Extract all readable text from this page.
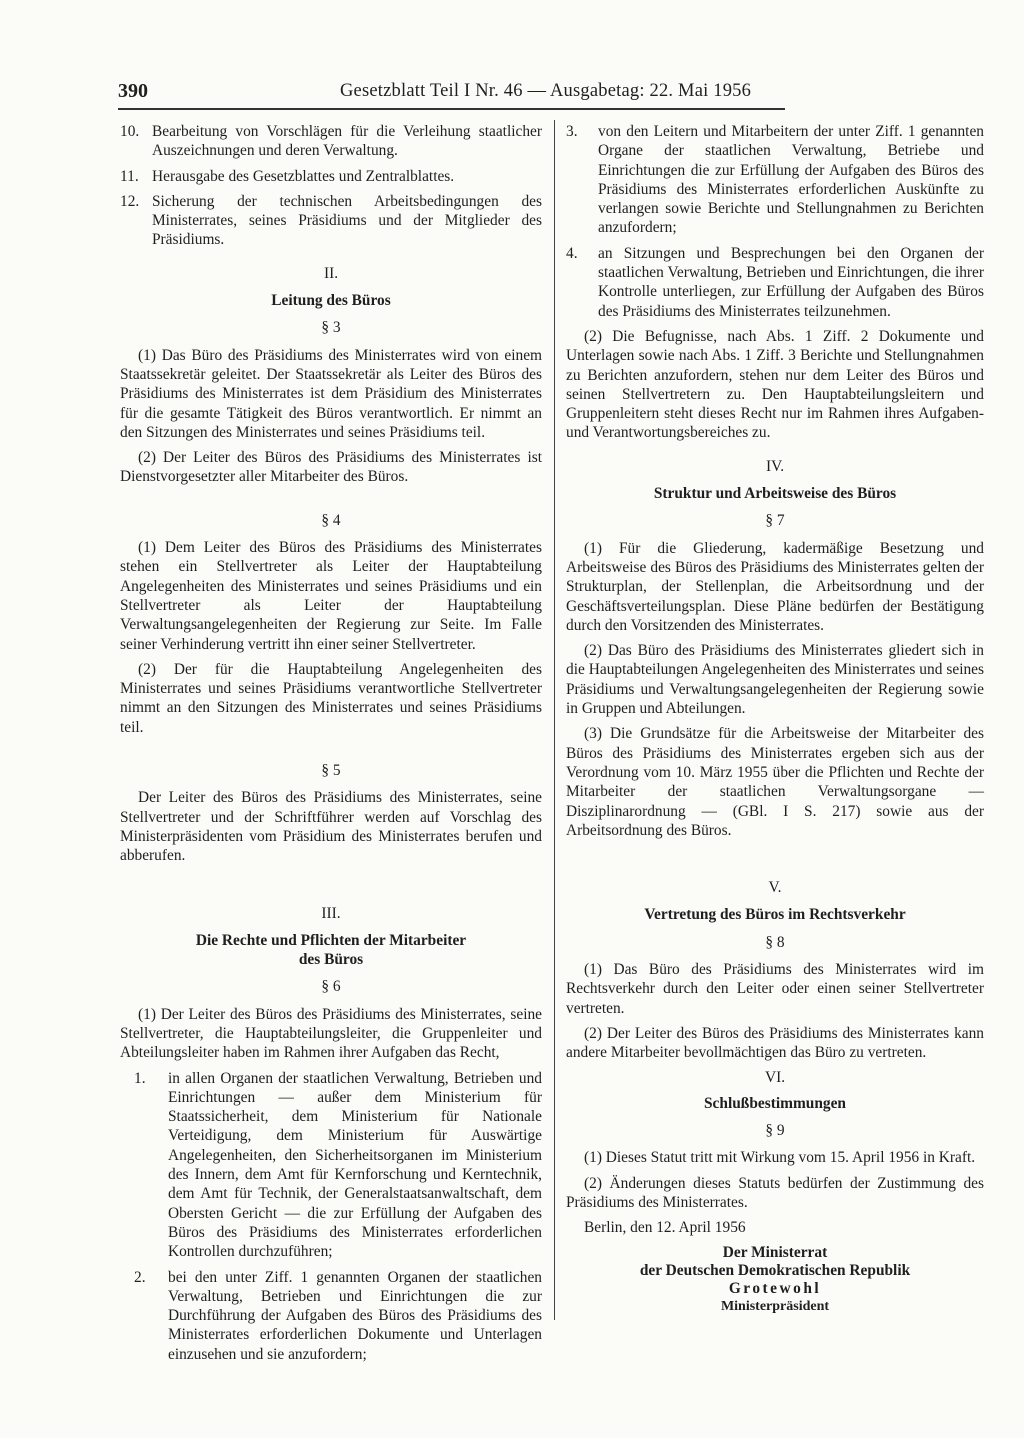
390	Gesetzblatt Teil I Nr. 46 — Ausgabetag: 22. Mai 1956
10. Bearbeitung von Vorschlägen für die Verleihung staatlicher Auszeichnungen und deren Verwaltung.
11. Herausgabe des Gesetzblattes und Zentralblattes.
12. Sicherung der technischen Arbeitsbedingungen des Ministerrates, seines Präsidiums und der Mitglieder des Präsidiums.

II.

Leitung des Büros

§ 3

(1) Das Büro des Präsidiums des Ministerrates wird von einem Staatssekretär geleitet. Der Staatssekretär als Leiter des Büros des Präsidiums des Ministerrates ist dem Präsidium des Ministerrates für die gesamte Tätigkeit des Büros verantwortlich. Er nimmt an den Sitzungen des Ministerrates und seines Präsidiums teil.

(2) Der Leiter des Büros des Präsidiums des Ministerrates ist Dienstvorgesetzter aller Mitarbeiter des Büros.

§ 4

(1) Dem Leiter des Büros des Präsidiums des Ministerrates stehen ein Stellvertreter als Leiter der Hauptabteilung Angelegenheiten des Ministerrates und seines Präsidiums und ein Stellvertreter als Leiter der Hauptabteilung Verwaltungsangelegenheiten der Regierung zur Seite. Im Falle seiner Verhinderung vertritt ihn einer seiner Stellvertreter.

(2) Der für die Hauptabteilung Angelegenheiten des Ministerrates und seines Präsidiums verantwortliche Stellvertreter nimmt an den Sitzungen des Ministerrates und seines Präsidiums teil.

§ 5

Der Leiter des Büros des Präsidiums des Ministerrates, seine Stellvertreter und der Schriftführer werden auf Vorschlag des Ministerpräsidenten vom Präsidium des Ministerrates berufen und abberufen.

III.

Die Rechte und Pflichten der Mitarbeiter

des Büros

§ 6

(1) Der Leiter des Büros des Präsidiums des Ministerrates, seine Stellvertreter, die Hauptabteilungsleiter, die Gruppenleiter und Abteilungsleiter haben im Rahmen ihrer Aufgaben das Recht,

1.	in allen Organen der staatlichen Verwaltung, Betrieben und Einrichtungen — außer dem Ministerium für Staatssicherheit, dem Ministerium für Nationale Verteidigung, dem Ministerium für Auswärtige Angelegenheiten, den Sicherheitsorganen im Ministerium des Innern, dem Amt für Kernforschung und Kerntechnik, dem Amt für Technik, der Generalstaatsanwaltschaft, dem Obersten Gericht — die zur Erfüllung der Aufgaben des Büros des Präsidiums des Ministerrates erforderlichen Kontrollen durchzuführen;
2.	bei den unter Ziff. 1 genannten Organen der staatlichen Verwaltung, Betrieben und Einrichtungen die zur Durchführung der Aufgaben des Büros des Präsidiums des Ministerrates erforderlichen Dokumente und Unterlagen einzusehen und sie anzufordern;
3.	von den Leitern und Mitarbeitern der unter Ziff. 1 genannten Organe der staatlichen Verwaltung, Betriebe und Einrichtungen die zur Erfüllung der Aufgaben des Büros des Präsidiums des Ministerrates erforderlichen Auskünfte zu verlangen sowie Berichte und Stellungnahmen zu Berichten anzufordern;
4.	an Sitzungen und Besprechungen bei den Organen der staatlichen Verwaltung, Betrieben und Einrichtungen, die ihrer Kontrolle unterliegen, zur Erfüllung der Aufgaben des Büros des Präsidiums des Ministerrates teilzunehmen.

(2) Die Befugnisse, nach Abs. 1 Ziff. 2 Dokumente und Unterlagen sowie nach Abs. 1 Ziff. 3 Berichte und Stellungnahmen zu Berichten anzufordern, stehen nur dem Leiter des Büros und seinen Stellvertretern zu. Den Hauptabteilungsleitern und Gruppenleitern steht dieses Recht nur im Rahmen ihres Aufgaben- und Verantwortungsbereiches zu.

IV.

Struktur und Arbeitsweise des Büros

§ 7

(1) Für die Gliederung, kadermäßige Besetzung und Arbeitsweise des Büros des Präsidiums des Ministerrates gelten der Strukturplan, der Stellenplan, die Arbeitsordnung und der Geschäftsverteilungsplan. Diese Pläne bedürfen der Bestätigung durch den Vorsitzenden des Ministerrates.

(2) Das Büro des Präsidiums des Ministerrates gliedert sich in die Hauptabteilungen Angelegenheiten des Ministerrates und seines Präsidiums und Verwaltungsangelegenheiten der Regierung sowie in Gruppen und Abteilungen.

(3) Die Grundsätze für die Arbeitsweise der Mitarbeiter des Büros des Präsidiums des Ministerrates ergeben sich aus der Verordnung vom 10. März 1955 über die Pflichten und Rechte der Mitarbeiter der staatlichen Verwaltungsorgane — Disziplinarordnung — (GBl. I S. 217) sowie aus der Arbeitsordnung des Büros.

V.

Vertretung des Büros im Rechtsverkehr

§ 8

(1) Das Büro des Präsidiums des Ministerrates wird im Rechtsverkehr durch den Leiter oder einen seiner Stellvertreter vertreten.

(2) Der Leiter des Büros des Präsidiums des Ministerrates kann andere Mitarbeiter bevollmächtigen das Büro zu vertreten.

VI.

Schlußbestimmungen

§ 9

(1) Dieses Statut tritt mit Wirkung vom 15. April 1956 in Kraft.

(2) Änderungen dieses Statuts bedürfen der Zustimmung des Präsidiums des Ministerrates.

Berlin, den 12. April 1956

Der Ministerrat

der Deutschen Demokratischen Republik

Grotewohl

Ministerpräsident
